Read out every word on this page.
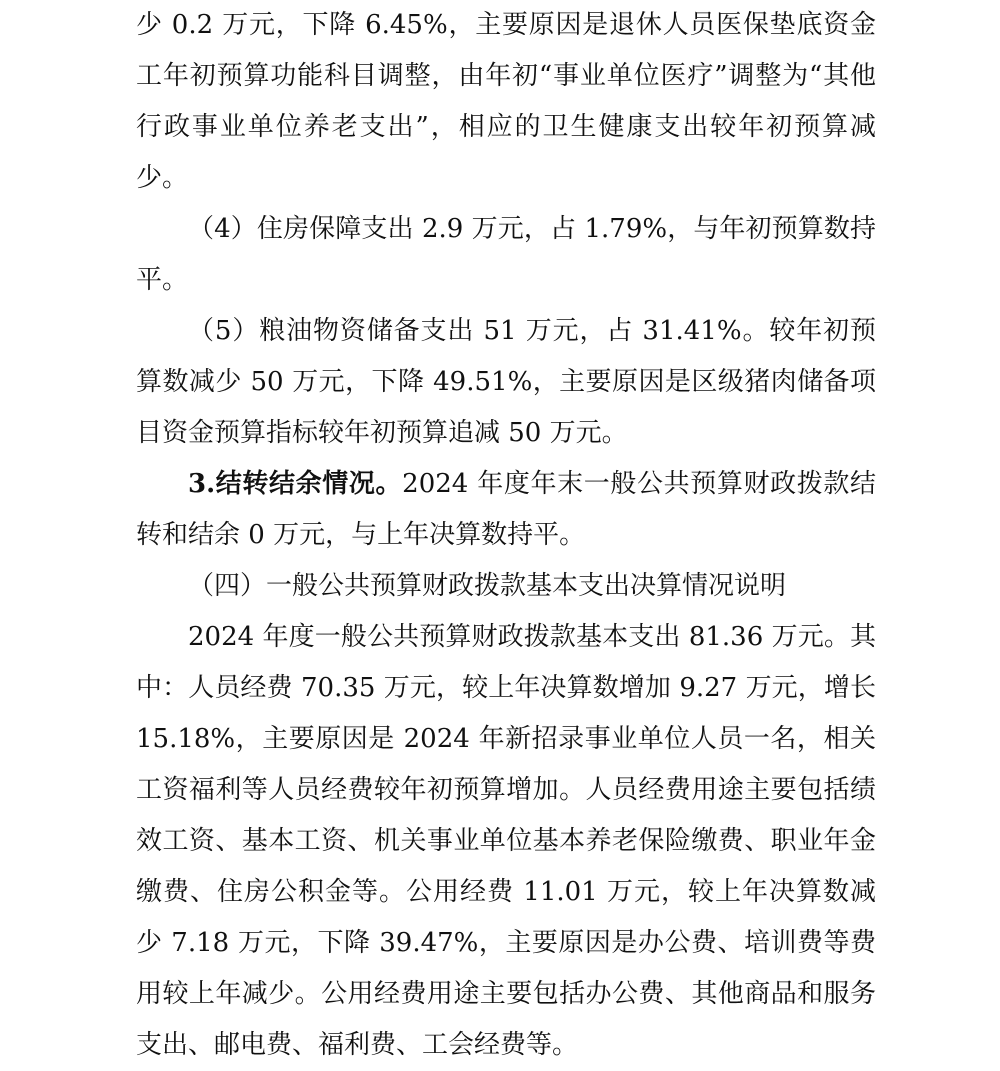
少 0.2 万元，下降 6.45%，主要原因是退休人员医保垫底资金工年初预算功能科目调整，由年初“事业单位医疗”调整为“其他行政事业单位养老支出”，相应的卫生健康支出较年初预算减少。

（4）住房保障支出 2.9 万元，占 1.79%，与年初预算数持平。

（5）粮油物资储备支出 51 万元，占 31.41%。较年初预算数减少 50 万元，下降 49.51%，主要原因是区级猪肉储备项目资金预算指标较年初预算追减 50 万元。

3.结转结余情况。2024 年度年末一般公共预算财政拨款结转和结余 0 万元，与上年决算数持平。

（四）一般公共预算财政拨款基本支出决算情况说明

2024 年度一般公共预算财政拨款基本支出 81.36 万元。其中：人员经费 70.35 万元，较上年决算数增加 9.27 万元，增长 15.18%，主要原因是 2024 年新招录事业单位人员一名，相关工资福利等人员经费较年初预算增加。人员经费用途主要包括绩效工资、基本工资、机关事业单位基本养老保险缴费、职业年金缴费、住房公积金等。公用经费 11.01 万元，较上年决算数减少 7.18 万元，下降 39.47%，主要原因是办公费、培训费等费用较上年减少。公用经费用途主要包括办公费、其他商品和服务支出、邮电费、福利费、工会经费等。
